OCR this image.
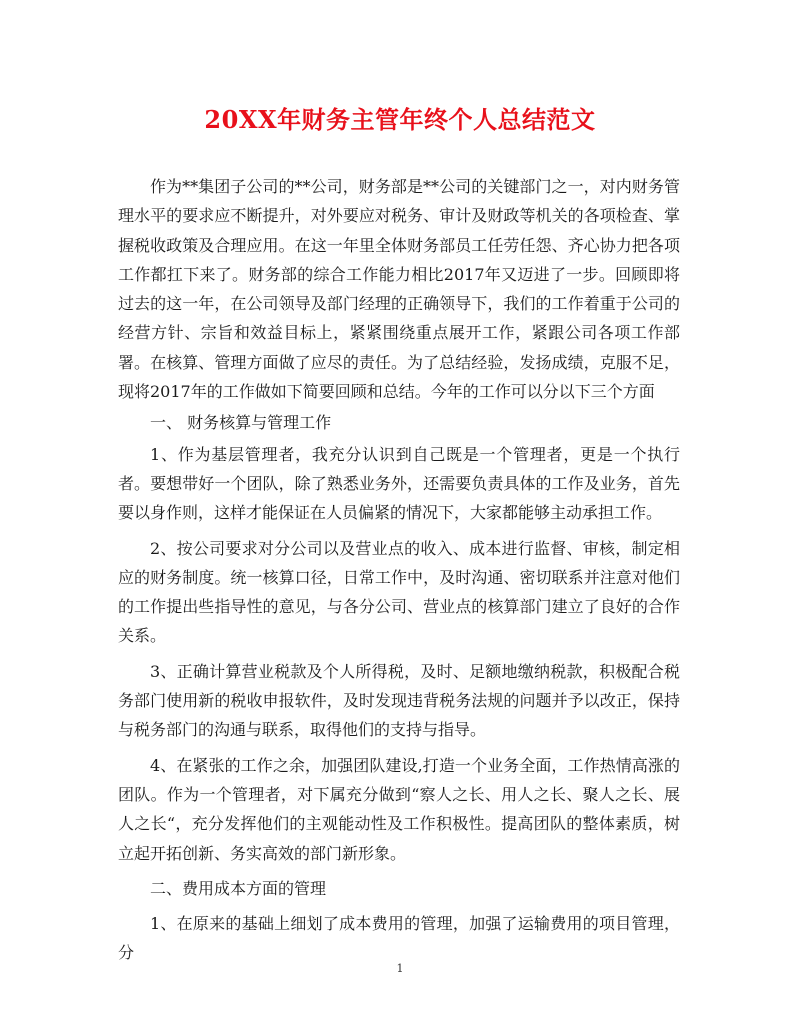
20XX年财务主管年终个人总结范文

作为**集团子公司的**公司，财务部是**公司的关键部门之一，对内财务管理水平的要求应不断提升，对外要应对税务、审计及财政等机关的各项检查、掌握税收政策及合理应用。在这一年里全体财务部员工任劳任怨、齐心协力把各项工作都扛下来了。财务部的综合工作能力相比2017年又迈进了一步。回顾即将过去的这一年，在公司领导及部门经理的正确领导下，我们的工作着重于公司的经营方针、宗旨和效益目标上，紧紧围绕重点展开工作，紧跟公司各项工作部署。在核算、管理方面做了应尽的责任。为了总结经验，发扬成绩，克服不足，现将2017年的工作做如下简要回顾和总结。今年的工作可以分以下三个方面

一、 财务核算与管理工作

1、作为基层管理者，我充分认识到自己既是一个管理者，更是一个执行者。要想带好一个团队，除了熟悉业务外，还需要负责具体的工作及业务，首先要以身作则，这样才能保证在人员偏紧的情况下，大家都能够主动承担工作。

2、按公司要求对分公司以及营业点的收入、成本进行监督、审核，制定相应的财务制度。统一核算口径，日常工作中，及时沟通、密切联系并注意对他们的工作提出些指导性的意见，与各分公司、营业点的核算部门建立了良好的合作关系。

3、正确计算营业税款及个人所得税，及时、足额地缴纳税款，积极配合税务部门使用新的税收申报软件，及时发现违背税务法规的问题并予以改正，保持与税务部门的沟通与联系，取得他们的支持与指导。

4、在紧张的工作之余，加强团队建设,打造一个业务全面，工作热情高涨的团队。作为一个管理者，对下属充分做到“察人之长、用人之长、聚人之长、展人之长“，充分发挥他们的主观能动性及工作积极性。提高团队的整体素质，树立起开拓创新、务实高效的部门新形象。

二、费用成本方面的管理

1、在原来的基础上细划了成本费用的管理，加强了运输费用的项目管理，分

1
